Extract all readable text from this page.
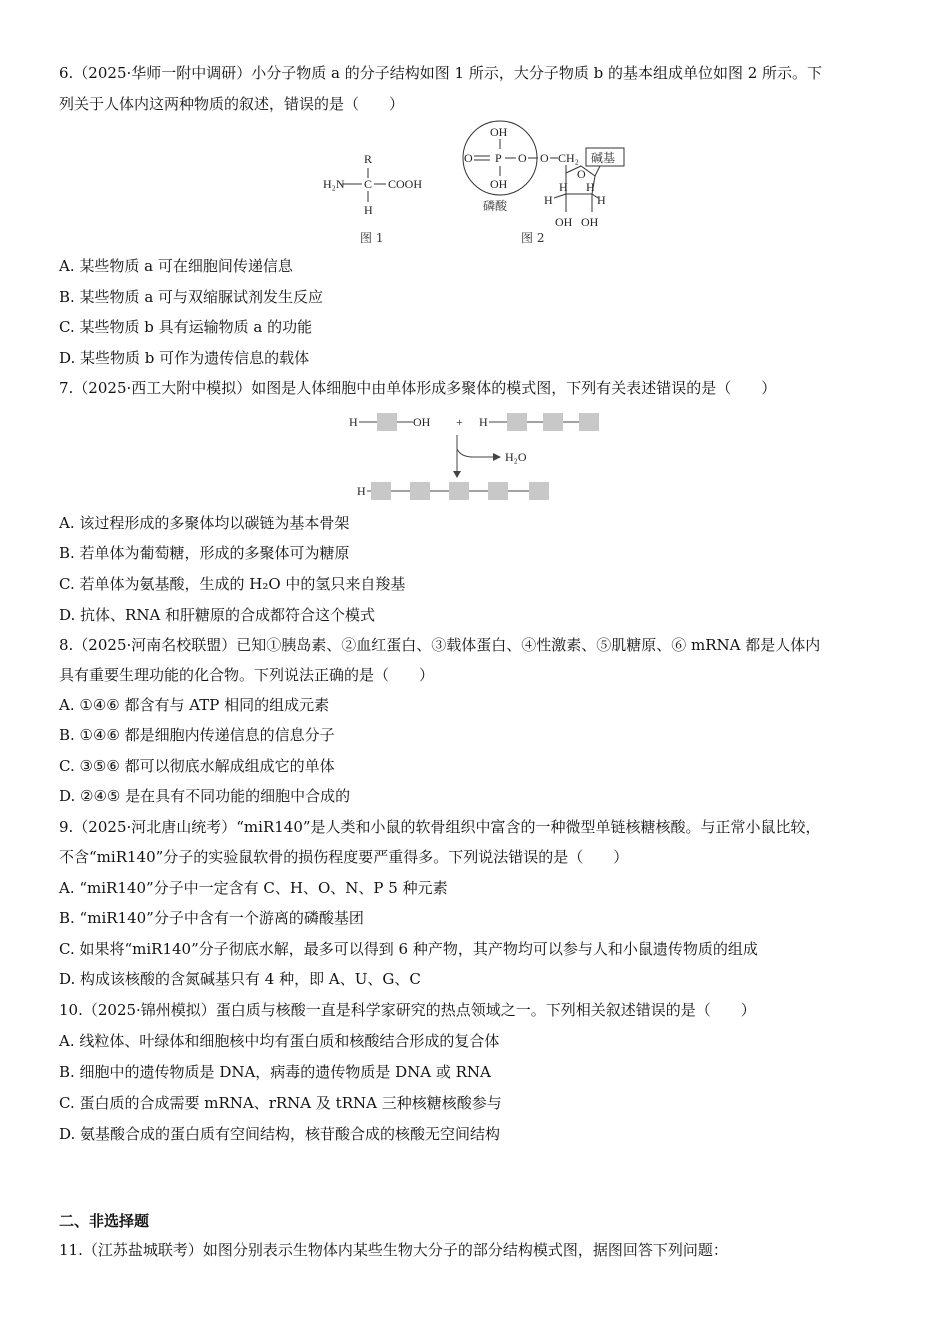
6.（2025·华师一附中调研）小分子物质 a 的分子结构如图 1 所示，大分子物质 b 的基本组成单位如图 2 所示。下
列关于人体内这两种物质的叙述，错误的是（　　）
R
H₂N C COOH
H
图 1
OH
O P O
OH
O CH₂
磷酸
碱基
O
H
H H
H
OH OH
图 2
A. 某些物质 a 可在细胞间传递信息
B. 某些物质 a 可与双缩脲试剂发生反应
C. 某些物质 b 具有运输物质 a 的功能
D. 某些物质 b 可作为遗传信息的载体
7.（2025·西工大附中模拟）如图是人体细胞中由单体形成多聚体的模式图，下列有关表述错误的是（　　）
H	OH + H
H₂O
H
A. 该过程形成的多聚体均以碳链为基本骨架
B. 若单体为葡萄糖，形成的多聚体可为糖原
C. 若单体为氨基酸，生成的 H₂O 中的氢只来自羧基
D. 抗体、RNA 和肝糖原的合成都符合这个模式
8.（2025·河南名校联盟）已知①胰岛素、②血红蛋白、③载体蛋白、④性激素、⑤肌糖原、⑥ mRNA 都是人体内
具有重要生理功能的化合物。下列说法正确的是（　　）
A. ①④⑥ 都含有与 ATP 相同的组成元素
B. ①④⑥ 都是细胞内传递信息的信息分子
C. ③⑤⑥ 都可以彻底水解成组成它的单体
D. ②④⑤ 是在具有不同功能的细胞中合成的
9.（2025·河北唐山统考）“miR140”是人类和小鼠的软骨组织中富含的一种微型单链核糖核酸。与正常小鼠比较，
不含“miR140”分子的实验鼠软骨的损伤程度要严重得多。下列说法错误的是（　　）
A. “miR140”分子中一定含有 C、H、O、N、P 5 种元素
B. “miR140”分子中含有一个游离的磷酸基团
C. 如果将“miR140”分子彻底水解，最多可以得到 6 种产物，其产物均可以参与人和小鼠遗传物质的组成
D. 构成该核酸的含氮碱基只有 4 种，即 A、U、G、C
10.（2025·锦州模拟）蛋白质与核酸一直是科学家研究的热点领域之一。下列相关叙述错误的是（　　）
A. 线粒体、叶绿体和细胞核中均有蛋白质和核酸结合形成的复合体
B. 细胞中的遗传物质是 DNA，病毒的遗传物质是 DNA 或 RNA
C. 蛋白质的合成需要 mRNA、rRNA 及 tRNA 三种核糖核酸参与
D. 氨基酸合成的蛋白质有空间结构，核苷酸合成的核酸无空间结构
二、非选择题
11.（江苏盐城联考）如图分别表示生物体内某些生物大分子的部分结构模式图，据图回答下列问题：
